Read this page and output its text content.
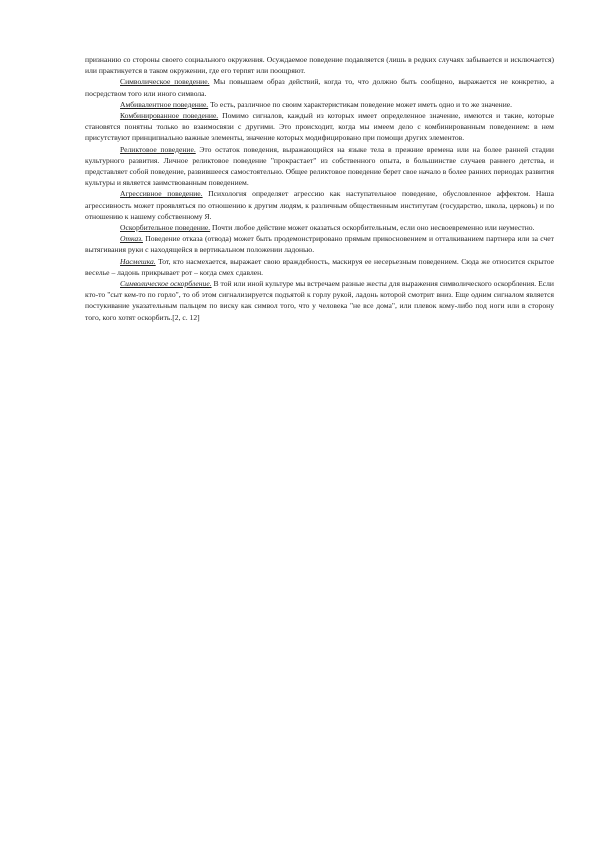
признанию со стороны своего социального окружения. Осуждаемое поведение подавляется (лишь в редких случаях забывается и исключается) или практикуется в таком окружении, где его терпят или поощряют.

Символическое поведение. Мы повышаем образ действий, когда то, что должно быть сообщено, выражается не конкретно, а посредством того или иного символа.

Амбивалентное поведение. То есть, различное по своим характеристикам поведение может иметь одно и то же значение.

Комбинированное поведение. Помимо сигналов, каждый из которых имеет определенное значение, имеются и такие, которые становятся понятны только во взаимосвязи с другими. Это происходит, когда мы имеем дело с комбинированным поведением: в нем присутствуют принципиально важные элементы, значение которых модифицировано при помощи других элементов.

Реликтовое поведение. Это остаток поведения, выражающийся на языке тела в прежние времена или на более ранней стадии культурного развития. Личное реликтовое поведение "прокрастает" из собственного опыта, в большинстве случаев раннего детства, и представляет собой поведение, развившееся самостоятельно. Общее реликтовое поведение берет свое начало в более ранних периодах развития культуры и является заимствованным поведением.

Агрессивное поведение. Психология определяет агрессию как наступательное поведение, обусловленное аффектом. Наша агрессивность может проявляться по отношению к другим людям, к различным общественным институтам (государство, школа, церковь) и по отношению к нашему собственному Я.

Оскорбительное поведение. Почти любое действие может оказаться оскорбительным, если оно несвоевременно или неуместно.

Отказ. Поведение отказа (отвода) может быть продемонстрировано прямым прикосновением и отталкиванием партнера или за счет вытягивания руки с находящейся в вертикальном положении ладонью.

Насмешка. Тот, кто насмехается, выражает свою враждебность, маскируя ее несерьезным поведением. Сюда же относится скрытое веселье – ладонь прикрывает рот – когда смех сдавлен.

Символическое оскорбление. В той или иной культуре мы встречаем разные жесты для выражения символического оскорбления. Если кто-то "сыт кем-то по горло", то об этом сигнализируется подъятой к горлу рукой, ладонь которой смотрит вниз. Еще одним сигналом является постукивание указательным пальцем по виску как символ того, что у человека "не все дома", или плевок кому-либо под ноги или в сторону того, кого хотят оскорбить.[2, с. 12]
